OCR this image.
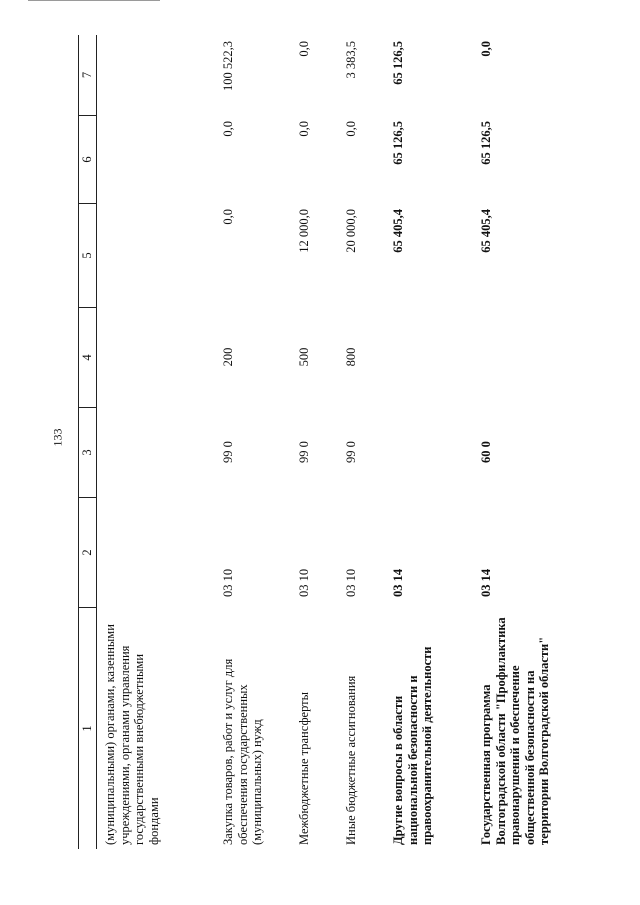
133
1
2
3
4
5
6
7
(муниципальными) органами, казенными учреждениями, органами управления государственными внебюджетными фондами	Закупка товаров, работ и услуг для обеспечения государственных (муниципальных) нужд
03 10
99 0
200
0,0
0,0
100 522,3
Межбюджетные трансферты
03 10
99 0
500
12 000,0
0,0
0,0
Иные бюджетные ассигнования
03 10
99 0
800
20 000,0
0,0
3 383,5
Другие вопросы в области национальной безопасности и правоохранительной деятельности
03 14
65 405,4
65 126,5
65 126,5
Государственная программа Волгоградской области "Профилактика правонарушений и обеспечение общественной безопасности на территории Волгоградской области"
03 14
60 0
65 405,4
65 126,5
0,0
